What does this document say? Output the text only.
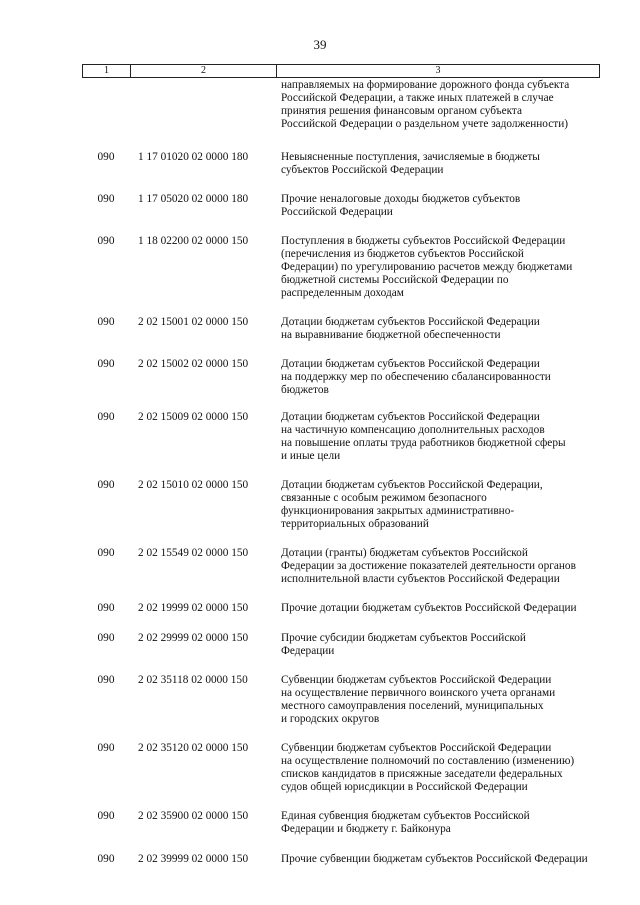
39
1	2	3
направляемых на формирование дорожного фонда субъекта
Российской Федерации, а также иных платежей в случае
принятия решения финансовым органом субъекта
Российской Федерации о раздельном учете задолженности)
090	1 17 01020 02 0000 180	Невыясненные поступления, зачисляемые в бюджеты
субъектов Российской Федерации
090	1 17 05020 02 0000 180	Прочие неналоговые доходы бюджетов субъектов
Российской Федерации
090	1 18 02200 02 0000 150	Поступления в бюджеты субъектов Российской Федерации
(перечисления из бюджетов субъектов Российской
Федерации) по урегулированию расчетов между бюджетами
бюджетной системы Российской Федерации по
распределенным доходам
090	2 02 15001 02 0000 150	Дотации бюджетам субъектов Российской Федерации
на выравнивание бюджетной обеспеченности
090	2 02 15002 02 0000 150	Дотации бюджетам субъектов Российской Федерации
на поддержку мер по обеспечению сбалансированности
бюджетов
090	2 02 15009 02 0000 150	Дотации бюджетам субъектов Российской Федерации
на частичную компенсацию дополнительных расходов
на повышение оплаты труда работников бюджетной сферы
и иные цели
090	2 02 15010 02 0000 150	Дотации бюджетам субъектов Российской Федерации,
связанные с особым режимом безопасного
функционирования закрытых административно-
территориальных образований
090	2 02 15549 02 0000 150	Дотации (гранты) бюджетам субъектов Российской
Федерации за достижение показателей деятельности органов
исполнительной власти субъектов Российской Федерации
090	2 02 19999 02 0000 150	Прочие дотации бюджетам субъектов Российской Федерации
090	2 02 29999 02 0000 150	Прочие субсидии бюджетам субъектов Российской
Федерации
090	2 02 35118 02 0000 150	Субвенции бюджетам субъектов Российской Федерации
на осуществление первичного воинского учета органами
местного самоуправления поселений, муниципальных
и городских округов
090	2 02 35120 02 0000 150	Субвенции бюджетам субъектов Российской Федерации
на осуществление полномочий по составлению (изменению)
списков кандидатов в присяжные заседатели федеральных
судов общей юрисдикции в Российской Федерации
090	2 02 35900 02 0000 150	Единая субвенция бюджетам субъектов Российской
Федерации и бюджету г. Байконура
090	2 02 39999 02 0000 150	Прочие субвенции бюджетам субъектов Российской Федерации
